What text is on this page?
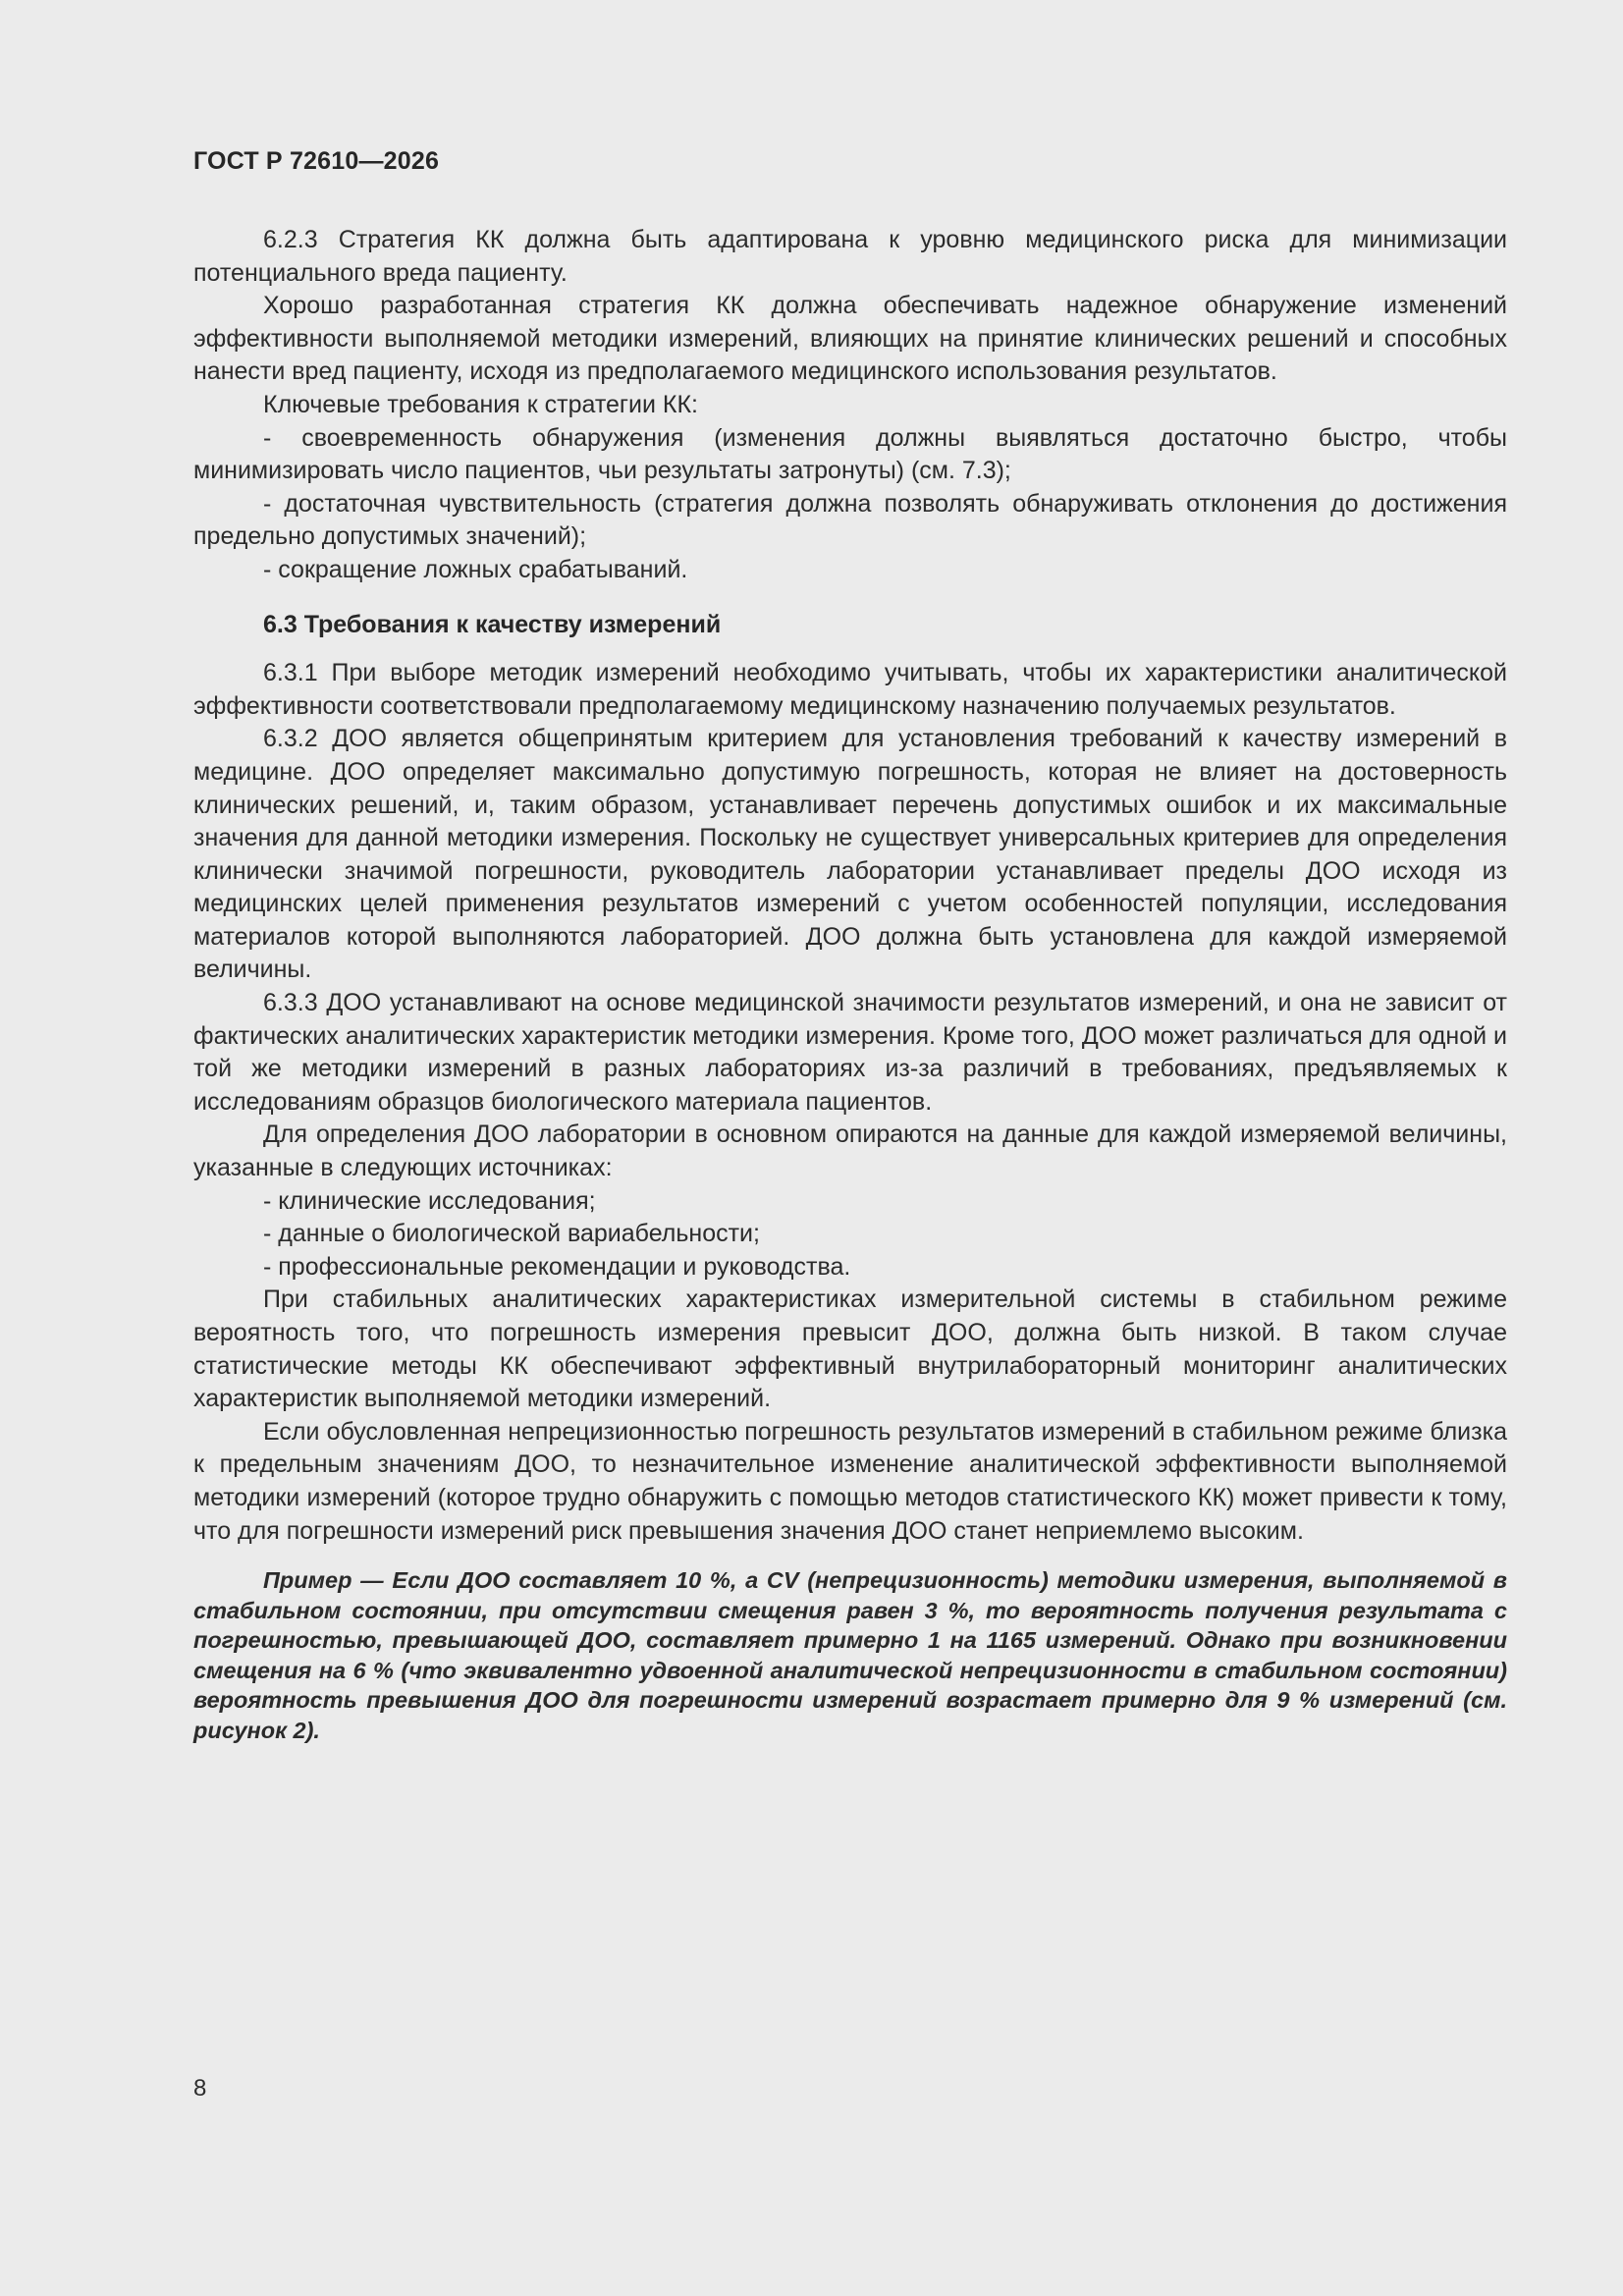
ГОСТ Р 72610—2026

6.2.3 Стратегия КК должна быть адаптирована к уровню медицинского риска для минимизации потенциального вреда пациенту.

Хорошо разработанная стратегия КК должна обеспечивать надежное обнаружение изменений эффективности выполняемой методики измерений, влияющих на принятие клинических решений и способных нанести вред пациенту, исходя из предполагаемого медицинского использования результатов.

Ключевые требования к стратегии КК:

- своевременность обнаружения (изменения должны выявляться достаточно быстро, чтобы минимизировать число пациентов, чьи результаты затронуты) (см. 7.3);

- достаточная чувствительность (стратегия должна позволять обнаруживать отклонения до достижения предельно допустимых значений);

- сокращение ложных срабатываний.

6.3 Требования к качеству измерений

6.3.1 При выборе методик измерений необходимо учитывать, чтобы их характеристики аналитической эффективности соответствовали предполагаемому медицинскому назначению получаемых результатов.

6.3.2 ДОО является общепринятым критерием для установления требований к качеству измерений в медицине. ДОО определяет максимально допустимую погрешность, которая не влияет на достоверность клинических решений, и, таким образом, устанавливает перечень допустимых ошибок и их максимальные значения для данной методики измерения. Поскольку не существует универсальных критериев для определения клинически значимой погрешности, руководитель лаборатории устанавливает пределы ДОО исходя из медицинских целей применения результатов измерений с учетом особенностей популяции, исследования материалов которой выполняются лабораторией. ДОО должна быть установлена для каждой измеряемой величины.

6.3.3 ДОО устанавливают на основе медицинской значимости результатов измерений, и она не зависит от фактических аналитических характеристик методики измерения. Кроме того, ДОО может различаться для одной и той же методики измерений в разных лабораториях из-за различий в требованиях, предъявляемых к исследованиям образцов биологического материала пациентов.

Для определения ДОО лаборатории в основном опираются на данные для каждой измеряемой величины, указанные в следующих источниках:

- клинические исследования;

- данные о биологической вариабельности;

- профессиональные рекомендации и руководства.

При стабильных аналитических характеристиках измерительной системы в стабильном режиме вероятность того, что погрешность измерения превысит ДОО, должна быть низкой. В таком случае статистические методы КК обеспечивают эффективный внутрилабораторный мониторинг аналитических характеристик выполняемой методики измерений.

Если обусловленная непрецизионностью погрешность результатов измерений в стабильном режиме близка к предельным значениям ДОО, то незначительное изменение аналитической эффективности выполняемой методики измерений (которое трудно обнаружить с помощью методов статистического КК) может привести к тому, что для погрешности измерений риск превышения значения ДОО станет неприемлемо высоким.

Пример — Если ДОО составляет 10 %, а CV (непрецизионность) методики измерения, выполняемой в стабильном состоянии, при отсутствии смещения равен 3 %, то вероятность получения результата с погрешностью, превышающей ДОО, составляет примерно 1 на 1165 измерений. Однако при возникновении смещения на 6 % (что эквивалентно удвоенной аналитической непрецизионности в стабильном состоянии) вероятность превышения ДОО для погрешности измерений возрастает примерно для 9 % измерений (см. рисунок 2).

8
